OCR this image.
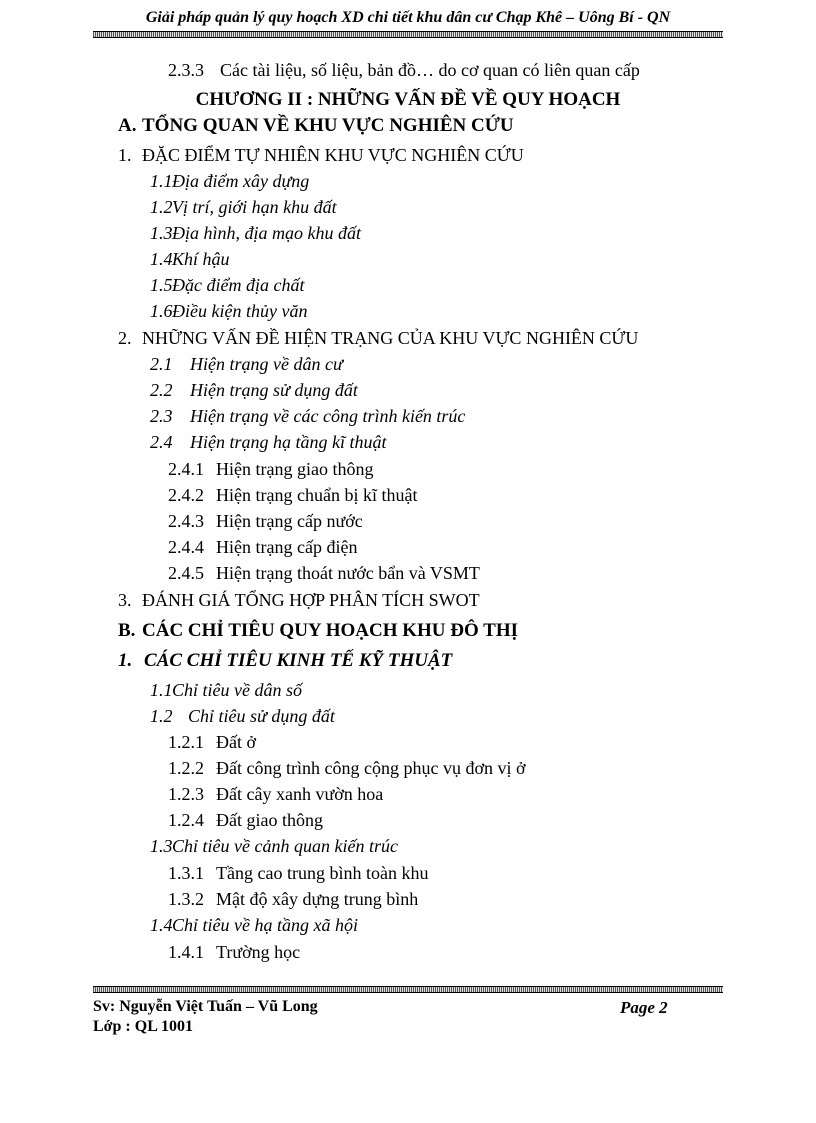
Giải pháp quản lý quy hoạch XD chi tiết khu dân cư Chạp Khê – Uông Bí - QN
2.3.3 Các tài liệu, số liệu, bản đồ… do cơ quan có liên quan cấp
CHƯƠNG II : NHỮNG VẤN ĐỀ VỀ QUY HOẠCH
A. TỔNG QUAN VỀ KHU VỰC NGHIÊN CỨU
1. ĐẶC ĐIỂM TỰ NHIÊN KHU VỰC NGHIÊN CỨU
1.1Địa điểm xây dựng
1.2Vị trí, giới hạn khu đất
1.3Địa hình, địa mạo khu đất
1.4Khí hậu
1.5Đặc điểm địa chất
1.6Điều kiện thủy văn
2. NHỮNG VẤN ĐỀ HIỆN TRẠNG CỦA KHU VỰC NGHIÊN CỨU
2.1 Hiện trạng về dân cư
2.2 Hiện trạng sử dụng đất
2.3 Hiện trạng về các công trình kiến trúc
2.4 Hiện trạng hạ tầng kĩ thuật
2.4.1 Hiện trạng giao thông
2.4.2 Hiện trạng chuẩn bị kĩ thuật
2.4.3 Hiện trạng cấp nước
2.4.4 Hiện trạng cấp điện
2.4.5 Hiện trạng thoát nước bẩn và VSMT
3. ĐÁNH GIÁ TỔNG HỢP PHÂN TÍCH SWOT
B. CÁC CHỈ TIÊU QUY HOẠCH KHU ĐÔ THỊ
1. CÁC CHỈ TIÊU KINH TẾ KỸ THUẬT
1.1Chỉ tiêu về dân số
1.2 Chỉ tiêu sử dụng đất
1.2.1 Đất ở
1.2.2 Đất công trình công cộng phục vụ đơn vị ở
1.2.3 Đất cây xanh vườn hoa
1.2.4 Đất giao thông
1.3Chỉ tiêu về cảnh quan kiến trúc
1.3.1 Tầng cao trung bình toàn khu
1.3.2 Mật độ xây dựng trung bình
1.4Chỉ tiêu về hạ tầng xã hội
1.4.1 Trường học
Sv: Nguyễn Việt Tuấn – Vũ Long
Lớp : QL 1001
Page 2
